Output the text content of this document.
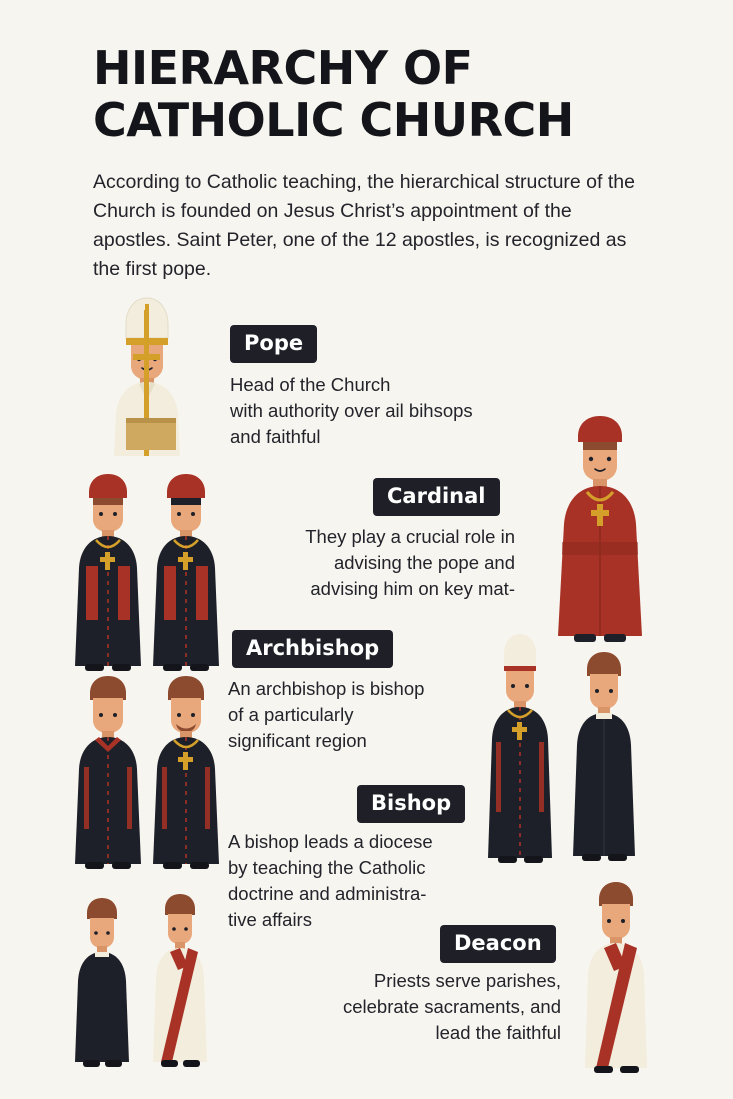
HIERARCHY OF
CATHOLIC CHURCH
According to Catholic teaching, the hierarchical structure of the Church is founded on Jesus Christ’s appointment of the apostles. Saint Peter, one of the 12 apostles, is recognized as the first pope.
Pope
Head of the Church
with authority over ail bihsops
and faithful
Cardinal
They play a crucial role in
advising the pope and
advising him on key mat-
Archbishop
An archbishop is bishop
of a particularly
significant region
Bishop
A bishop leads a diocese
by teaching the Catholic
doctrine and administra-
tive affairs
Deacon
Priests serve parishes,
celebrate sacraments, and
lead the faithful
